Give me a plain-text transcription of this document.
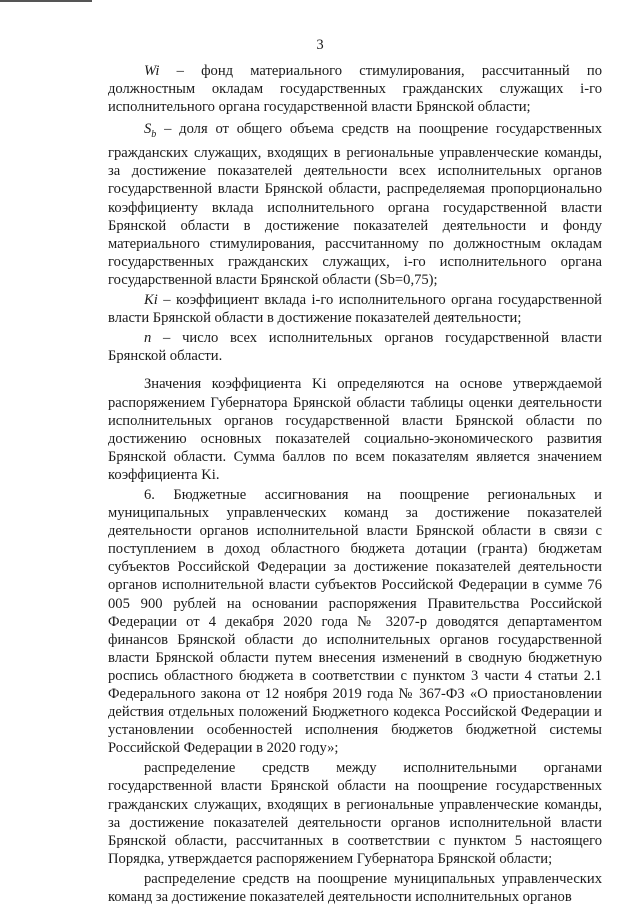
3

Wi – фонд материального стимулирования, рассчитанный по должностным окладам государственных гражданских служащих i-го исполнительного органа государственной власти Брянской области;

$S_b$ – доля от общего объема средств на поощрение государственных гражданских служащих, входящих в региональные управленческие команды, за достижение показателей деятельности всех исполнительных органов государственной власти Брянской области, распределяемая пропорционально коэффициенту вклада исполнительного органа государственной власти Брянской области в достижение показателей деятельности и фонду материального стимулирования, рассчитанному по должностным окладам государственных гражданских служащих, i-го исполнительного органа государственной власти Брянской области (Sb=0,75);

Ki – коэффициент вклада i-го исполнительного органа государственной власти Брянской области в достижение показателей деятельности;

n – число всех исполнительных органов государственной власти Брянской области.

Значения коэффициента Ki определяются на основе утверждаемой распоряжением Губернатора Брянской области таблицы оценки деятельности исполнительных органов государственной власти Брянской области по достижению основных показателей социально-экономического развития Брянской области. Сумма баллов по всем показателям является значением коэффициента Ki.

6. Бюджетные ассигнования на поощрение региональных и муниципальных управленческих команд за достижение показателей деятельности органов исполнительной власти Брянской области в связи с поступлением в доход областного бюджета дотации (гранта) бюджетам субъектов Российской Федерации за достижение показателей деятельности органов исполнительной власти субъектов Российской Федерации в сумме 76 005 900 рублей на основании распоряжения Правительства Российской Федерации от 4 декабря 2020 года № 3207-р доводятся департаментом финансов Брянской области до исполнительных органов государственной власти Брянской области путем внесения изменений в сводную бюджетную роспись областного бюджета в соответствии с пунктом 3 части 4 статьи 2.1 Федерального закона от 12 ноября 2019 года № 367-ФЗ «О приостановлении действия отдельных положений Бюджетного кодекса Российской Федерации и установлении особенностей исполнения бюджетов бюджетной системы Российской Федерации в 2020 году»;

распределение средств между исполнительными органами

государственной власти Брянской области на поощрение государственных гражданских служащих, входящих в региональные управленческие команды, за достижение показателей деятельности органов исполнительной власти Брянской области, рассчитанных в соответствии с пунктом 5 настоящего Порядка, утверждается распоряжением Губернатора Брянской области;

распределение средств на поощрение муниципальных управленческих команд за достижение показателей деятельности исполнительных органов
